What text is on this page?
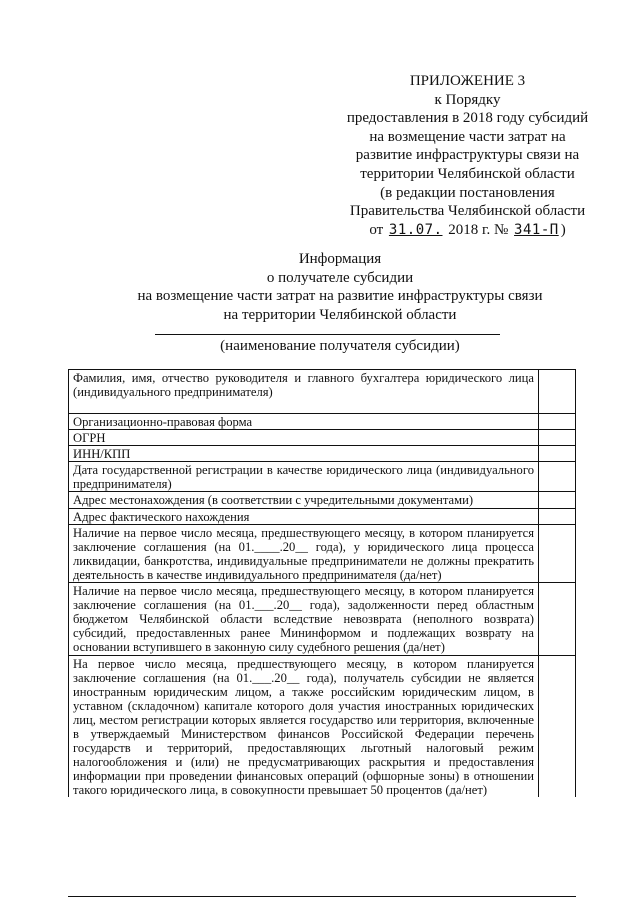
ПРИЛОЖЕНИЕ 3
к Порядку
предоставления в 2018 году субсидий
на возмещение части затрат на
развитие инфраструктуры связи на
территории Челябинской области
(в редакции постановления
Правительства Челябинской области
от 31.07. 2018 г. № 341-П )
Информация
о получателе субсидии
на возмещение части затрат на развитие инфраструктуры связи
на территории Челябинской области
(наименование получателя субсидии)
Фамилия, имя, отчество руководителя и главного бухгалтера юридического лица (индивидуального предпринимателя)	
Организационно-правовая форма	
ОГРН	
ИНН/КПП	
Дата государственной регистрации в качестве юридического лица (индивидуального предпринимателя)	
Адрес местонахождения (в соответствии с учредительными документами)	
Адрес фактического нахождения	
Наличие на первое число месяца, предшествующего месяцу, в котором планируется заключение соглашения (на 01.____.20__ года), у юридического лица процесса ликвидации, банкротства, индивидуальные предприниматели не должны прекратить деятельность в качестве индивидуального предпринимателя (да/нет)	
Наличие на первое число месяца, предшествующего месяцу, в котором планируется заключение соглашения (на 01.___.20__ года), задолженности перед областным бюджетом Челябинской области вследствие невозврата (неполного возврата) субсидий, предоставленных ранее Мининформом и подлежащих возврату на основании вступившего в законную силу судебного решения (да/нет)	
На первое число месяца, предшествующего месяцу, в котором планируется заключение соглашения (на 01.___.20__ года), получатель субсидии не является иностранным юридическим лицом, а также российским юридическим лицом, в уставном (складочном) капитале которого доля участия иностранных юридических лиц, местом регистрации которых является государство или территория, включенные в утверждаемый Министерством финансов Российской Федерации перечень государств и территорий, предоставляющих льготный налоговый режим налогообложения и (или) не предусматривающих раскрытия и предоставления информации при проведении финансовых операций (офшорные зоны) в отношении такого юридического лица, в совокупности превышает 50 процентов (да/нет)	
